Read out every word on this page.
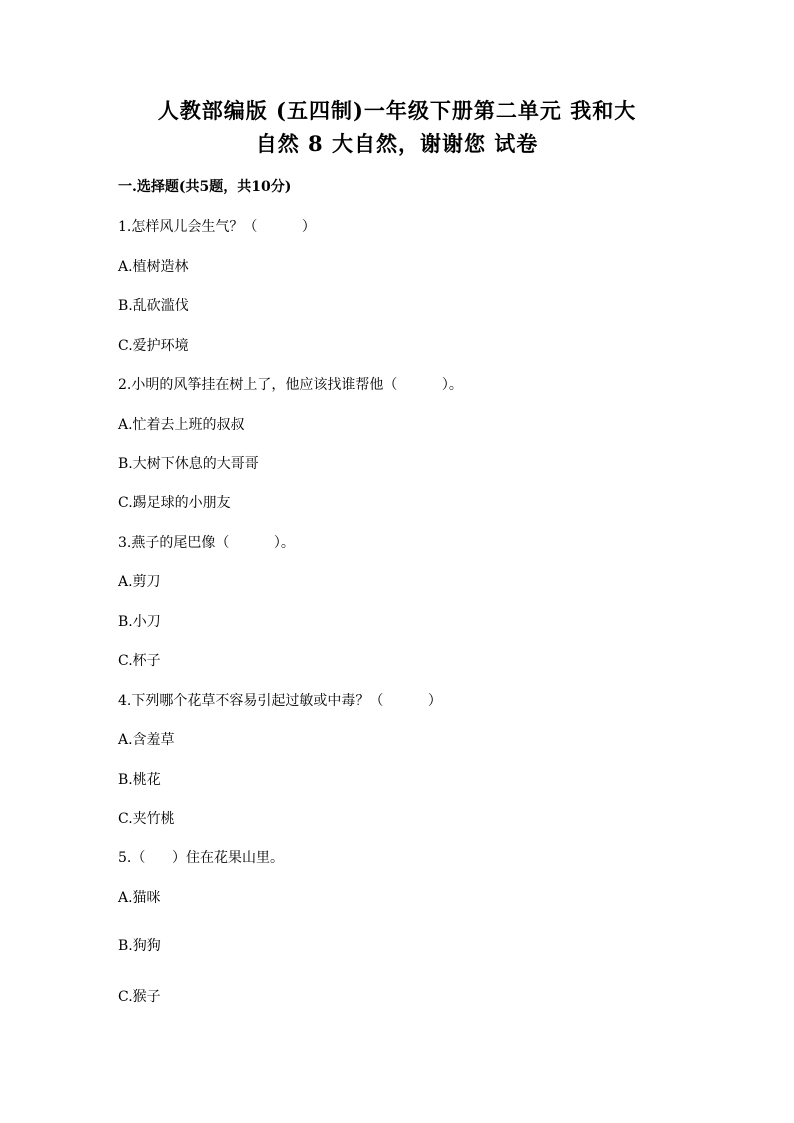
人教部编版 (五四制)一年级下册第二单元 我和大
自然 8 大自然，谢谢您 试卷
一.选择题(共5题，共10分)
1.怎样风儿会生气？（          ）
A.植树造林
B.乱砍滥伐
C.爱护环境
2.小明的风筝挂在树上了，他应该找谁帮他（          ）。
A.忙着去上班的叔叔
B.大树下休息的大哥哥
C.踢足球的小朋友
3.燕子的尾巴像（          ）。
A.剪刀
B.小刀
C.杯子
4.下列哪个花草不容易引起过敏或中毒？（          ）
A.含羞草
B.桃花
C.夹竹桃
5.（      ）住在花果山里。
A.猫咪
B.狗狗
C.猴子
